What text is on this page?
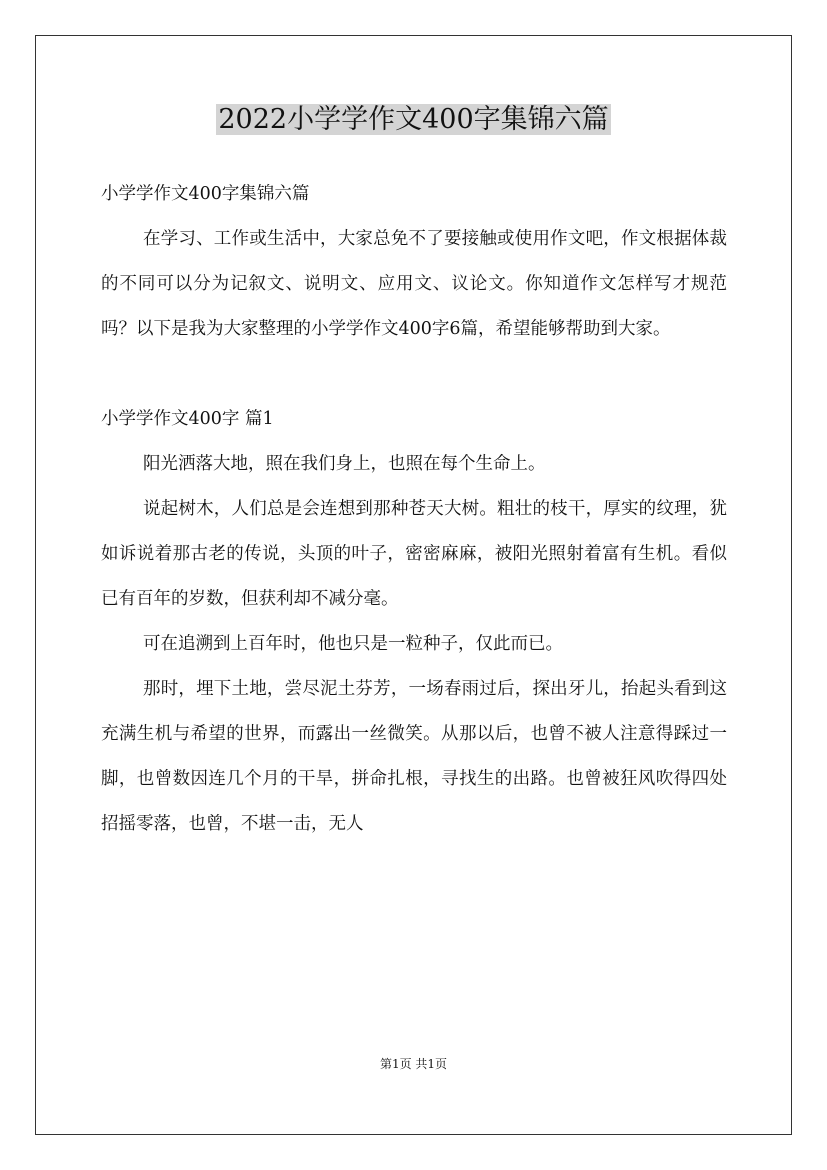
2022小学学作文400字集锦六篇

小学学作文400字集锦六篇

在学习、工作或生活中，大家总免不了要接触或使用作文吧，作文根据体裁的不同可以分为记叙文、说明文、应用文、议论文。你知道作文怎样写才规范吗？以下是我为大家整理的小学学作文400字6篇，希望能够帮助到大家。

小学学作文400字 篇1

阳光洒落大地，照在我们身上，也照在每个生命上。

说起树木，人们总是会连想到那种苍天大树。粗壮的枝干，厚实的纹理，犹如诉说着那古老的传说，头顶的叶子，密密麻麻，被阳光照射着富有生机。看似已有百年的岁数，但获利却不减分毫。

可在追溯到上百年时，他也只是一粒种子，仅此而已。

那时，埋下土地，尝尽泥土芬芳，一场春雨过后，探出牙儿，抬起头看到这充满生机与希望的世界，而露出一丝微笑。从那以后，也曾不被人注意得踩过一脚，也曾数因连几个月的干旱，拼命扎根，寻找生的出路。也曾被狂风吹得四处招摇零落，也曾，不堪一击，无人

第1页 共1页
